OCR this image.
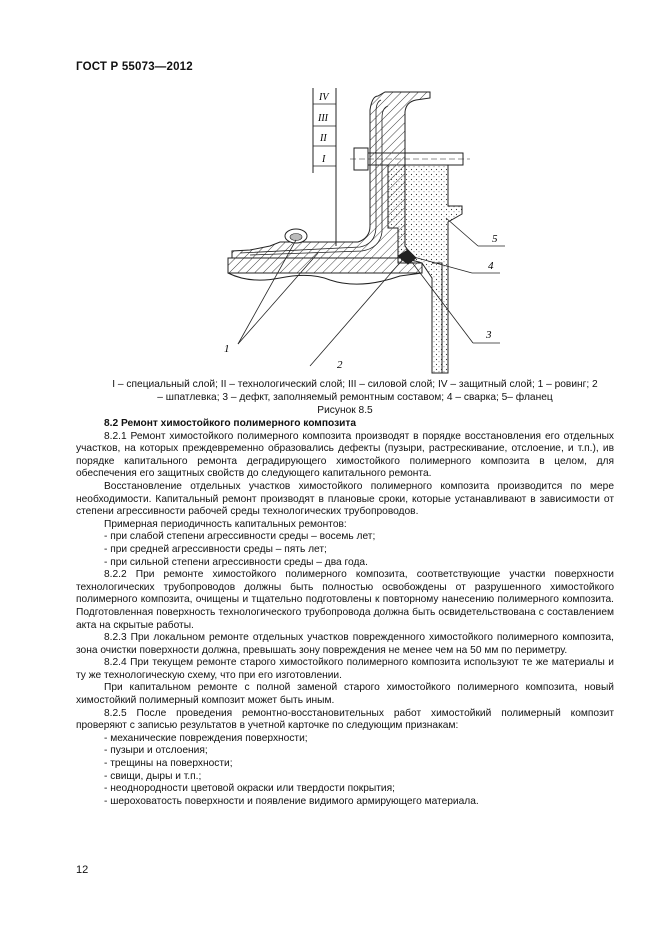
ГОСТ Р 55073—2012
IV
III
II
I
1
2
3
4
5
I – специальный слой; II – технологический слой; III – силовой слой; IV – защитный слой; 1 – ровинг; 2 – шпатлевка; 3 – дефкт, заполняемый ремонтным составом; 4 – сварка; 5– фланец
Рисунок 8.5

8.2 Ремонт химостойкого полимерного композита

8.2.1 Ремонт химостойкого полимерного композита производят в порядке восстановления его отдельных участков, на которых преждевременно образовались дефекты (пузыри, растрескивание, отслоение, и т.п.), ив порядке капитального ремонта деградирующего химостойкого полимерного композита в целом, для обеспечения его защитных свойств до следующего капитального ремонта.

Восстановление отдельных участков химостойкого полимерного композита производится по мере необходимости. Капитальный ремонт производят в плановые сроки, которые устанавливают в зависимости от степени агрессивности рабочей среды технологических трубопроводов.

Примерная периодичность капитальных ремонтов:

- при слабой степени агрессивности среды – восемь лет;

- при средней агрессивности среды – пять лет;

- при сильной степени агрессивности среды – два года.

8.2.2 При ремонте химостойкого полимерного композита, соответствующие участки поверхности технологических трубопроводов должны быть полностью освобождены от разрушенного химостойкого полимерного композита, очищены и тщательно подготовлены к повторному нанесению полимерного композита. Подготовленная поверхность технологического трубопровода должна быть освидетельствована с составлением акта на скрытые работы.

8.2.3 При локальном ремонте отдельных участков поврежденного химостойкого полимерного композита, зона очистки поверхности должна, превышать зону повреждения не менее чем на 50 мм по периметру.

8.2.4 При текущем ремонте старого химостойкого полимерного композита используют те же материалы и ту же технологическую схему, что при его изготовлении.

При капитальном ремонте с полной заменой старого химостойкого полимерного композита, новый химостойкий полимерный композит может быть иным.

8.2.5 После проведения ремонтно-восстановительных работ химостойкий полимерный композит проверяют с записью результатов в учетной карточке по следующим признакам:

- механические повреждения поверхности;

- пузыри и отслоения;

- трещины на поверхности;

- свищи, дыры и т.п.;

- неоднородности цветовой окраски или твердости покрытия;

- шероховатость поверхности и появление видимого армирующего материала.

12
